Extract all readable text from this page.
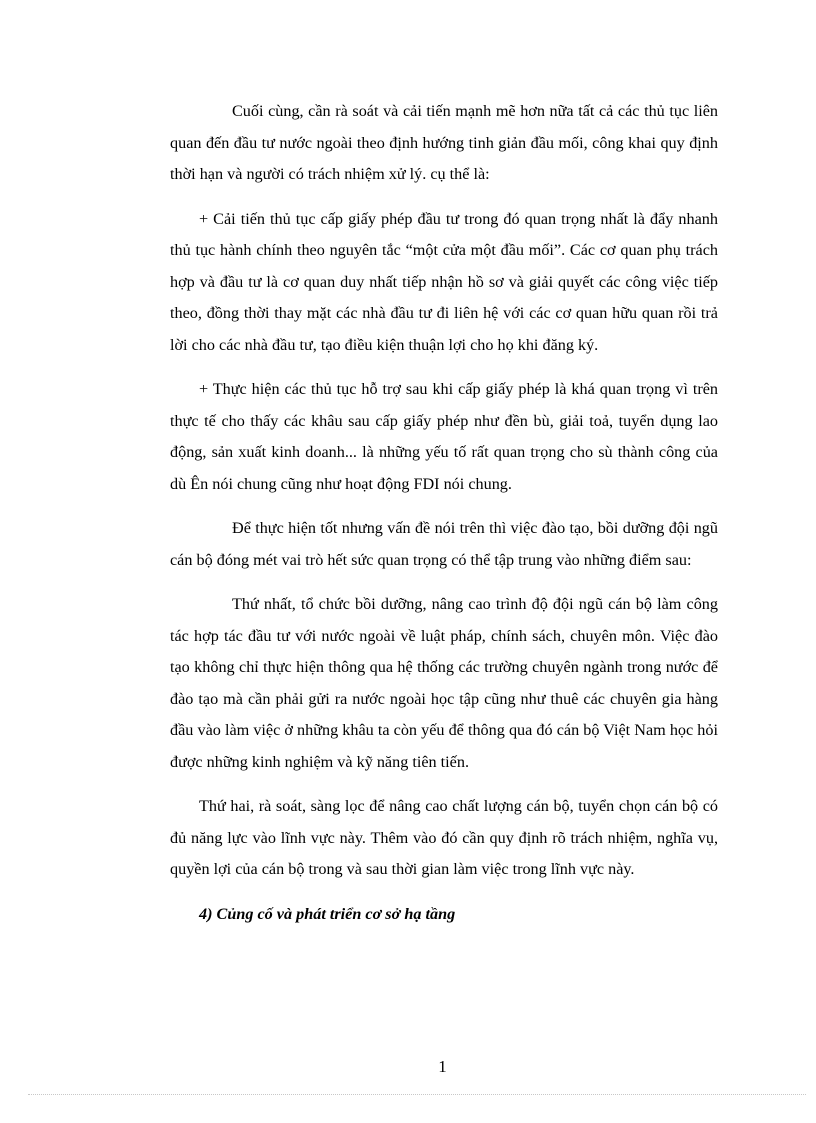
Cuối cùng, cần rà soát và cải tiến mạnh mẽ hơn nữa tất cả các thủ tục liên quan đến đầu tư nước ngoài theo định hướng tinh giản đầu mối, công khai quy định thời hạn và người có trách nhiệm xử lý. cụ thể là:

+ Cải tiến thủ tục cấp giấy phép đầu tư trong đó quan trọng nhất là đẩy nhanh thủ tục hành chính theo nguyên tắc “một cửa một đầu mối”. Các cơ quan phụ trách hợp và đầu tư là cơ quan duy nhất tiếp nhận hồ sơ và giải quyết các công việc tiếp theo, đồng thời thay mặt các nhà đầu tư đi liên hệ với các cơ quan hữu quan rồi trả lời cho các nhà đầu tư, tạo điều kiện thuận lợi cho họ khi đăng ký.

+ Thực hiện các thủ tục hỗ trợ sau khi cấp giấy phép là khá quan trọng vì trên thực tế cho thấy các khâu sau cấp giấy phép như đền bù, giải toả, tuyển dụng lao động, sản xuất kinh doanh... là những yếu tố rất quan trọng cho sù thành công của dù Ên nói chung cũng như hoạt động FDI nói chung.

Để thực hiện tốt nhưng vấn đề nói trên thì việc đào tạo, bồi dưỡng đội ngũ cán bộ đóng mét vai trò hết sức quan trọng có thể tập trung vào những điểm sau:

Thứ nhất, tổ chức bồi dưỡng, nâng cao trình độ đội ngũ cán bộ làm công tác hợp tác đầu tư với nước ngoài về luật pháp, chính sách, chuyên môn. Việc đào tạo không chỉ thực hiện thông qua hệ thống các trường chuyên ngành trong nước để đào tạo mà cần phải gửi ra nước ngoài học tập cũng như thuê các chuyên gia hàng đầu vào làm việc ở những khâu ta còn yếu để thông qua đó cán bộ Việt Nam học hỏi được những kinh nghiệm và kỹ năng tiên tiến.

Thứ hai, rà soát, sàng lọc để nâng cao chất lượng cán bộ, tuyển chọn cán bộ có đủ năng lực vào lĩnh vực này. Thêm vào đó cần quy định rõ trách nhiệm, nghĩa vụ, quyền lợi của cán bộ trong và sau thời gian làm việc trong lĩnh vực này.

4) Củng cố và phát triển cơ sở hạ tầng

1
